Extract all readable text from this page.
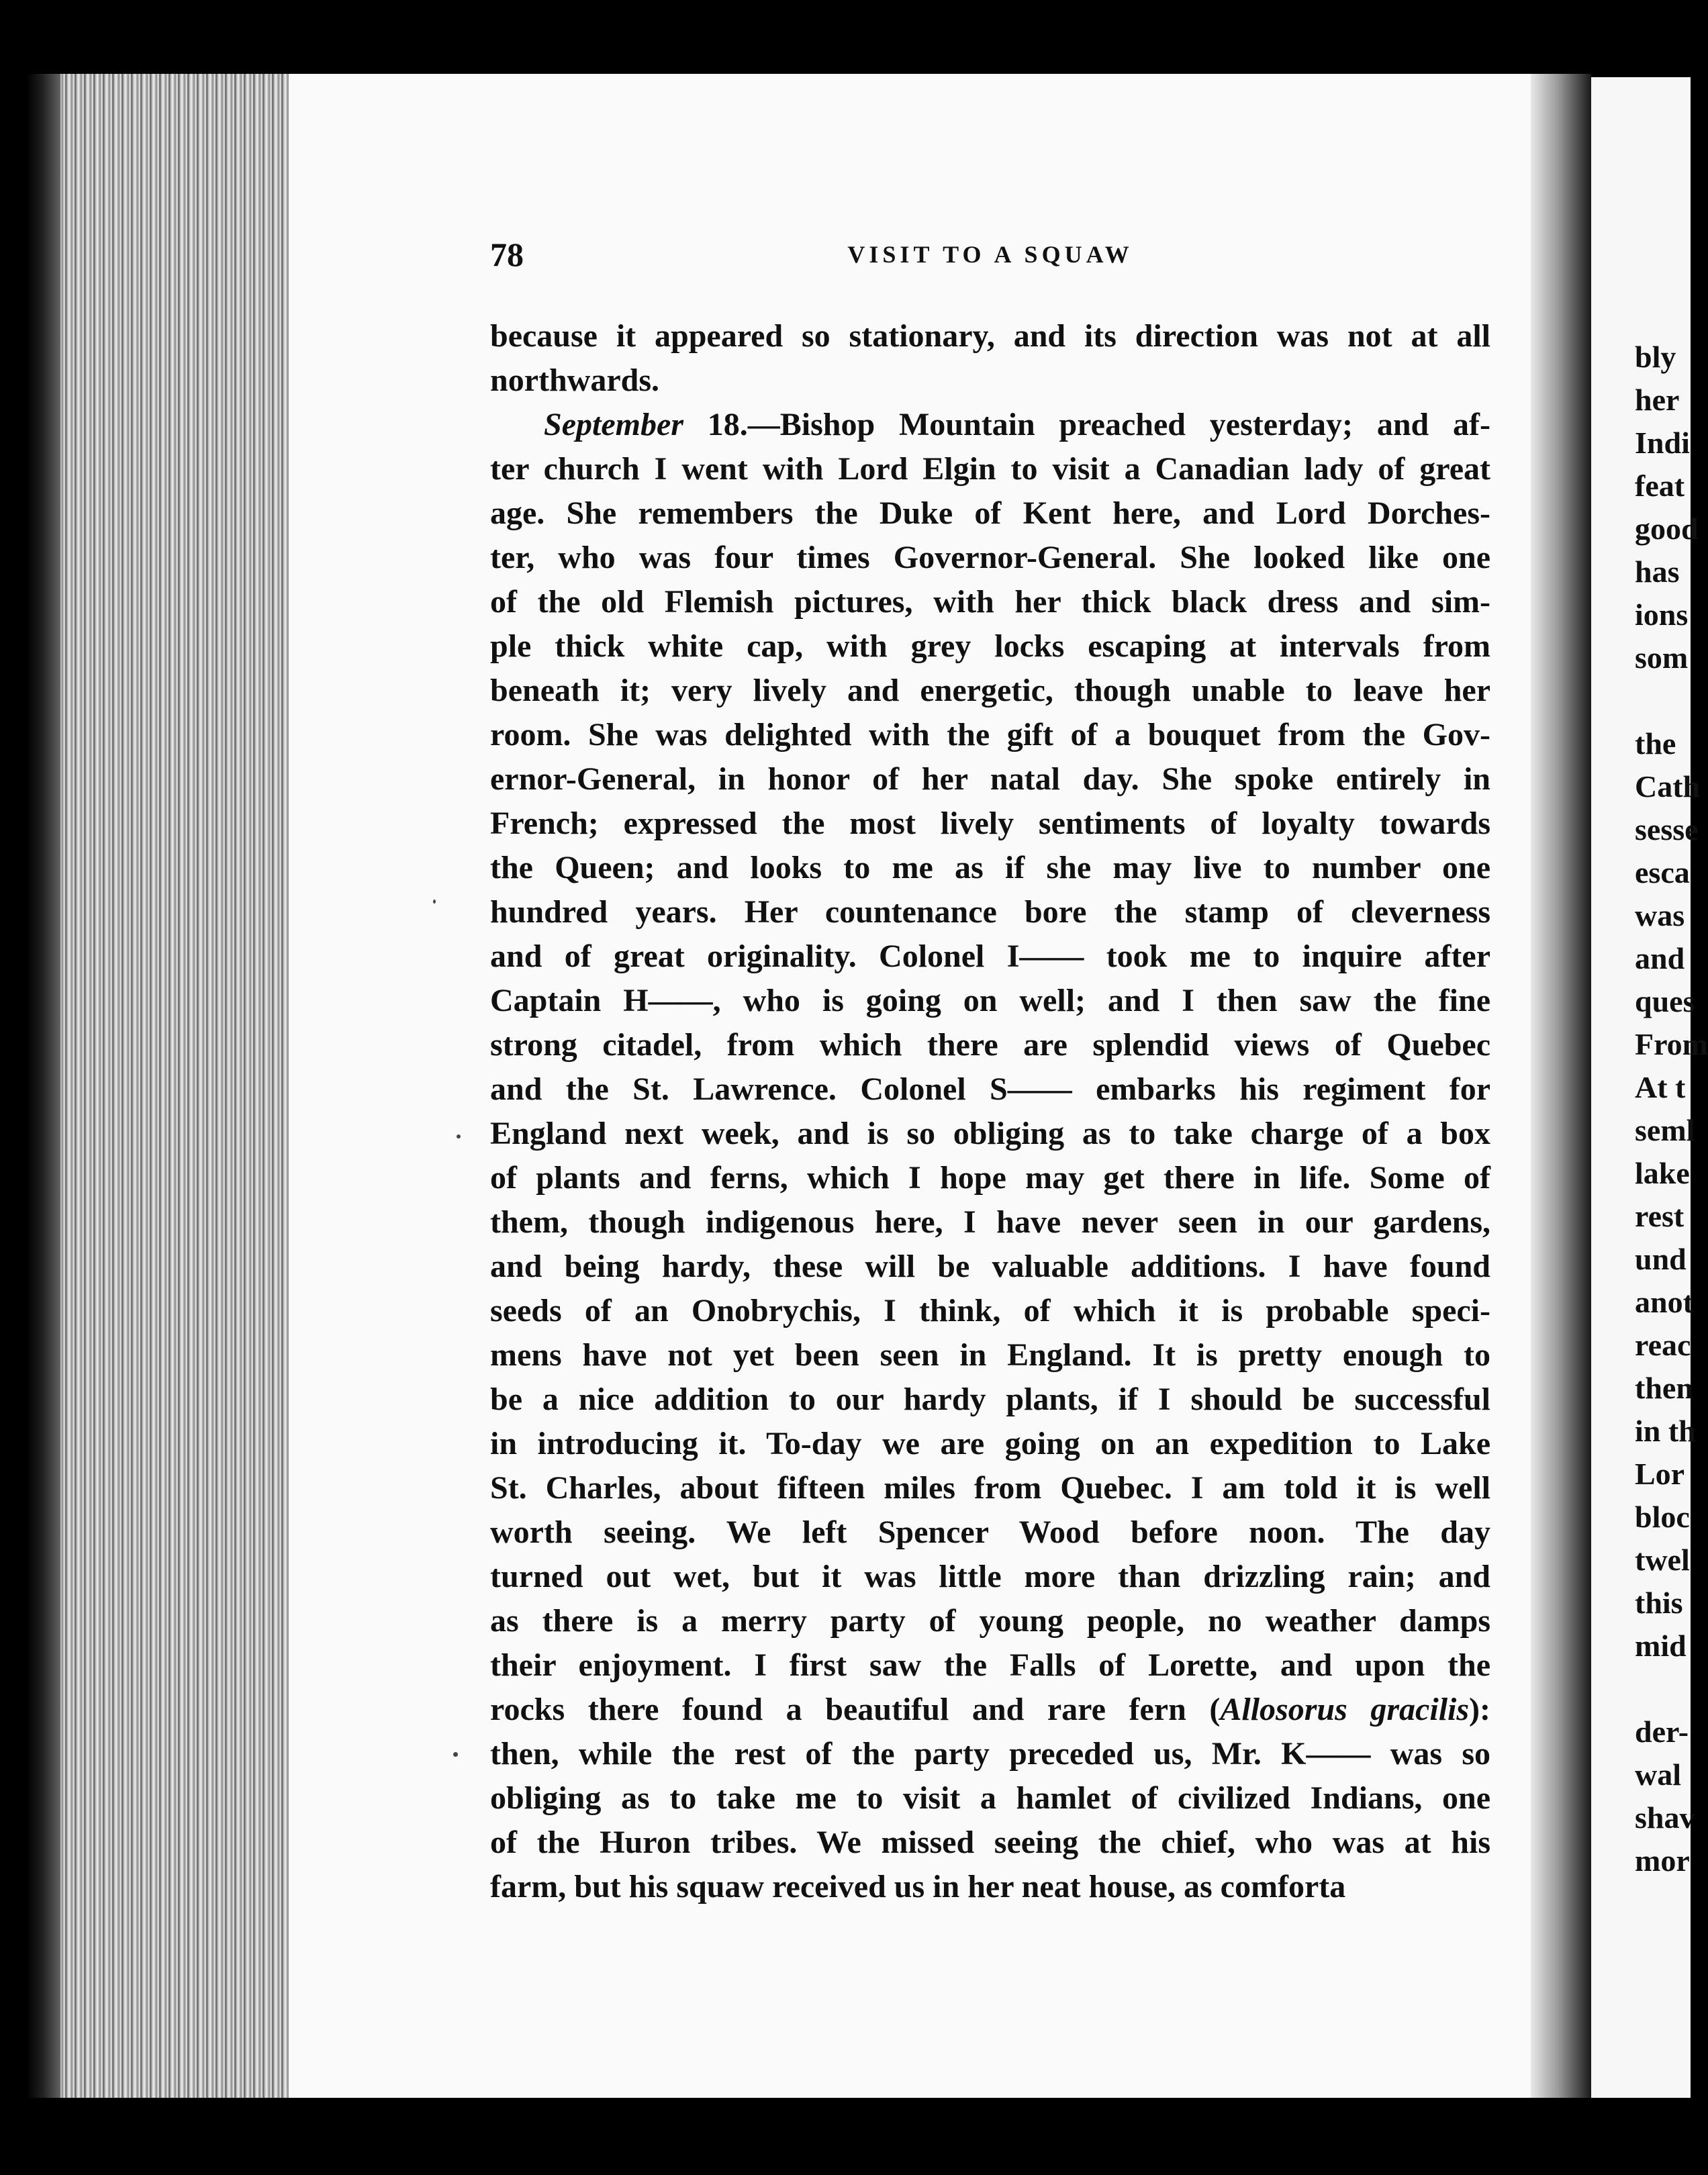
bly
her
Indi
feat
good
has
ions
som
the
Cath
sesse
esca
was
and
ques
From
At t
seml
lake
rest
und
anot
reac
then
in th
Lor
bloc
twel
this
mid
der-
wal
shav
mor
78	VISIT TO A SQUAW
because it appeared so stationary, and its direction was not at all
northwards.
September 18.—Bishop Mountain preached yesterday; and af-
ter church I went with Lord Elgin to visit a Canadian lady of great
age. She remembers the Duke of Kent here, and Lord Dorches-
ter, who was four times Governor-General. She looked like one
of the old Flemish pictures, with her thick black dress and sim-
ple thick white cap, with grey locks escaping at intervals from
beneath it; very lively and energetic, though unable to leave her
room. She was delighted with the gift of a bouquet from the Gov-
ernor-General, in honor of her natal day. She spoke entirely in
French; expressed the most lively sentiments of loyalty towards
the Queen; and looks to me as if she may live to number one
hundred years. Her countenance bore the stamp of cleverness
and of great originality. Colonel I—— took me to inquire after
Captain H——, who is going on well; and I then saw the fine
strong citadel, from which there are splendid views of Quebec
and the St. Lawrence. Colonel S—— embarks his regiment for
England next week, and is so obliging as to take charge of a box
of plants and ferns, which I hope may get there in life. Some of
them, though indigenous here, I have never seen in our gardens,
and being hardy, these will be valuable additions. I have found
seeds of an Onobrychis, I think, of which it is probable speci-
mens have not yet been seen in England. It is pretty enough to
be a nice addition to our hardy plants, if I should be successful
in introducing it. To-day we are going on an expedition to Lake
St. Charles, about fifteen miles from Quebec. I am told it is well
worth seeing. We left Spencer Wood before noon. The day
turned out wet, but it was little more than drizzling rain; and
as there is a merry party of young people, no weather damps
their enjoyment. I first saw the Falls of Lorette, and upon the
rocks there found a beautiful and rare fern (Allosorus gracilis):
then, while the rest of the party preceded us, Mr. K—— was so
obliging as to take me to visit a hamlet of civilized Indians, one
of the Huron tribes. We missed seeing the chief, who was at his
farm, but his squaw received us in her neat house, as comforta
